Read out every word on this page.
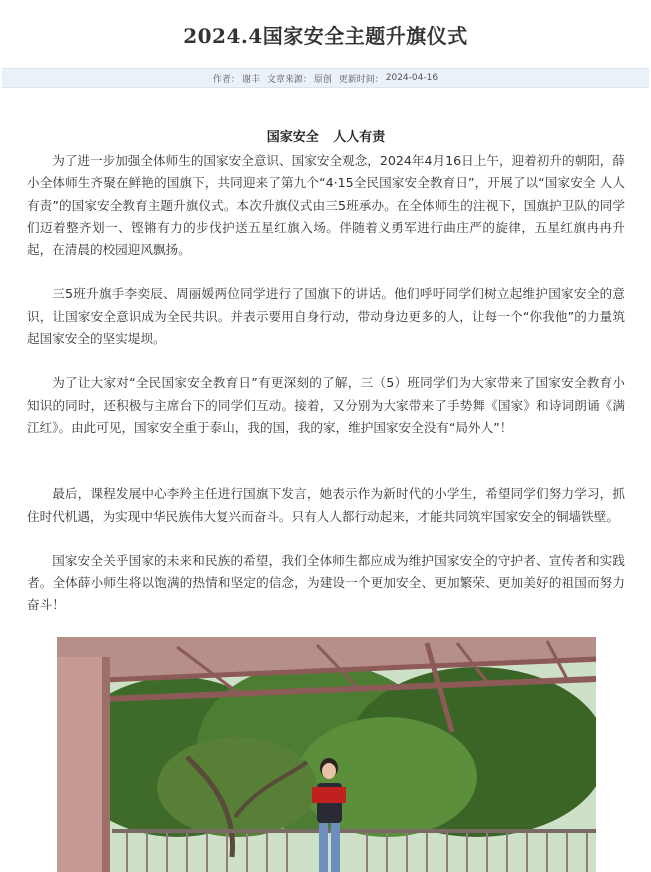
2024.4国家安全主题升旗仪式
作者： 谢丰
文章来源： 原创
更新时间： 2024-04-16
国家安全 人人有责

为了进一步加强全体师生的国家安全意识、国家安全观念，2024年4月16日上午，迎着初升的朝阳，薛小全体师生齐聚在鲜艳的国旗下，共同迎来了第九个“4·15全民国家安全教育日”，开展了以“国家安全 人人有责”的国家安全教育主题升旗仪式。本次升旗仪式由三5班承办。在全体师生的注视下，国旗护卫队的同学们迈着整齐划一、铿锵有力的步伐护送五星红旗入场。伴随着义勇军进行曲庄严的旋律，五星红旗冉冉升起，在清晨的校园迎风飘扬。

三5班升旗手李奕辰、周丽媛两位同学进行了国旗下的讲话。他们呼吁同学们树立起维护国家安全的意识，让国家安全意识成为全民共识。并表示要用自身行动，带动身边更多的人，让每一个“你我他”的力量筑起国家安全的坚实堤坝。

为了让大家对“全民国家安全教育日”有更深刻的了解，三（5）班同学们为大家带来了国家安全教育小知识的同时，还积极与主席台下的同学们互动。接着，又分别为大家带来了手势舞《国家》和诗词朗诵《满江红》。由此可见，国家安全重于泰山，我的国，我的家，维护国家安全没有“局外人”！

最后，课程发展中心李羚主任进行国旗下发言，她表示作为新时代的小学生，希望同学们努力学习，抓住时代机遇，为实现中华民族伟大复兴而奋斗。只有人人都行动起来，才能共同筑牢国家安全的铜墙铁壁。

国家安全关乎国家的未来和民族的希望，我们全体师生都应成为维护国家安全的守护者、宣传者和实践者。全体薛小师生将以饱满的热情和坚定的信念，为建设一个更加安全、更加繁荣、更加美好的祖国而努力奋斗！
